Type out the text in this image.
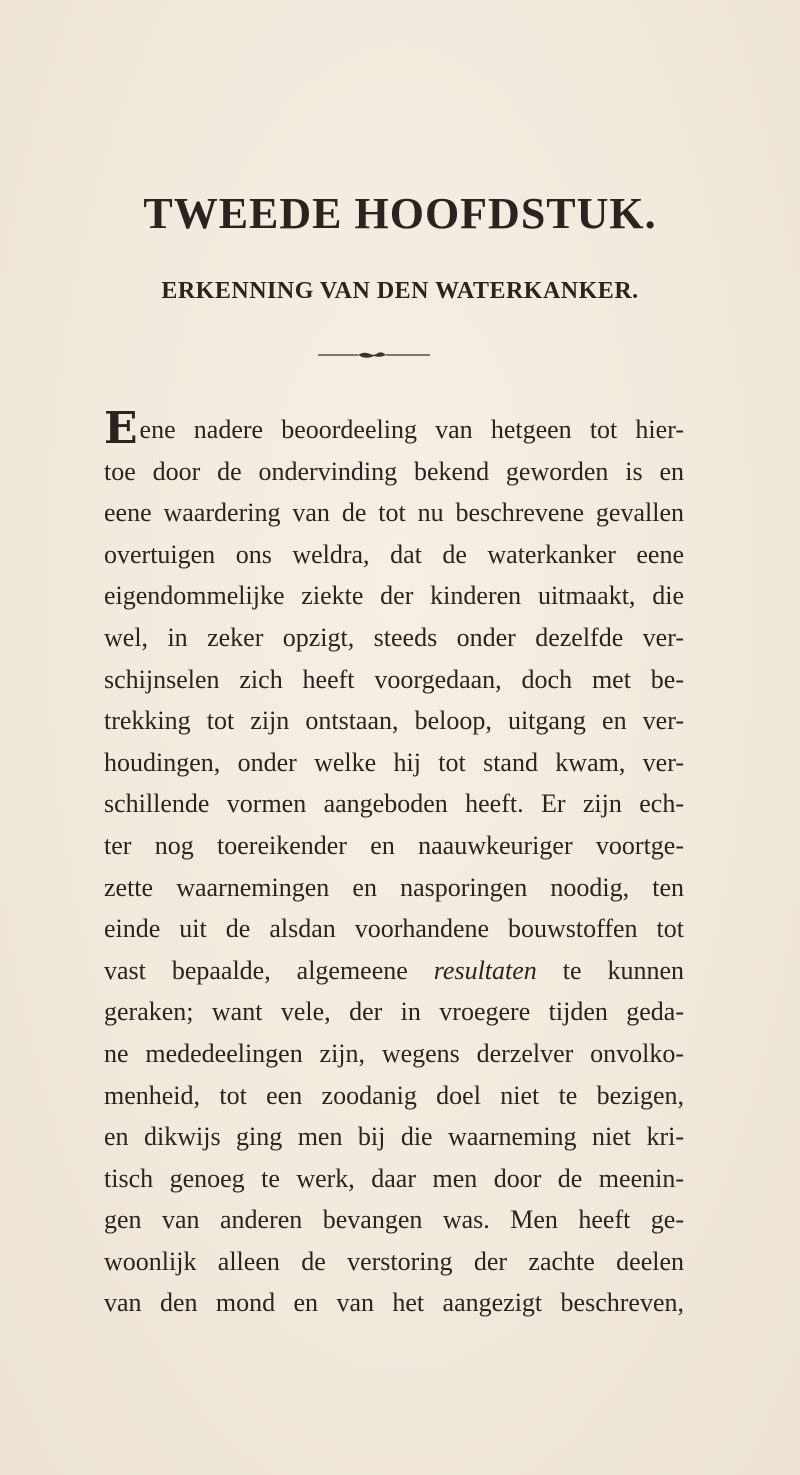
TWEEDE HOOFDSTUK.
ERKENNING VAN DEN WATERKANKER.
E ene nadere beoordeeling van hetgeen tot hier-
toe door de ondervinding bekend geworden is en
eene waardering van de tot nu beschrevene gevallen
overtuigen ons weldra, dat de waterkanker eene
eigendommelijke ziekte der kinderen uitmaakt, die
wel, in zeker opzigt, steeds onder dezelfde ver-
schijnselen zich heeft voorgedaan, doch met be-
trekking tot zijn ontstaan, beloop, uitgang en ver-
houdingen, onder welke hij tot stand kwam, ver-
schillende vormen aangeboden heeft. Er zijn ech-
ter nog toereikender en naauwkeuriger voortge-
zette waarnemingen en nasporingen noodig, ten
einde uit de alsdan voorhandene bouwstoffen tot
vast bepaalde, algemeene resultaten te kunnen
geraken; want vele, der in vroegere tijden geda-
ne mededeelingen zijn, wegens derzelver onvolko-
menheid, tot een zoodanig doel niet te bezigen,
en dikwijs ging men bij die waarneming niet kri-
tisch genoeg te werk, daar men door de meenin-
gen van anderen bevangen was. Men heeft ge-
woonlijk alleen de verstoring der zachte deelen
van den mond en van het aangezigt beschreven,
